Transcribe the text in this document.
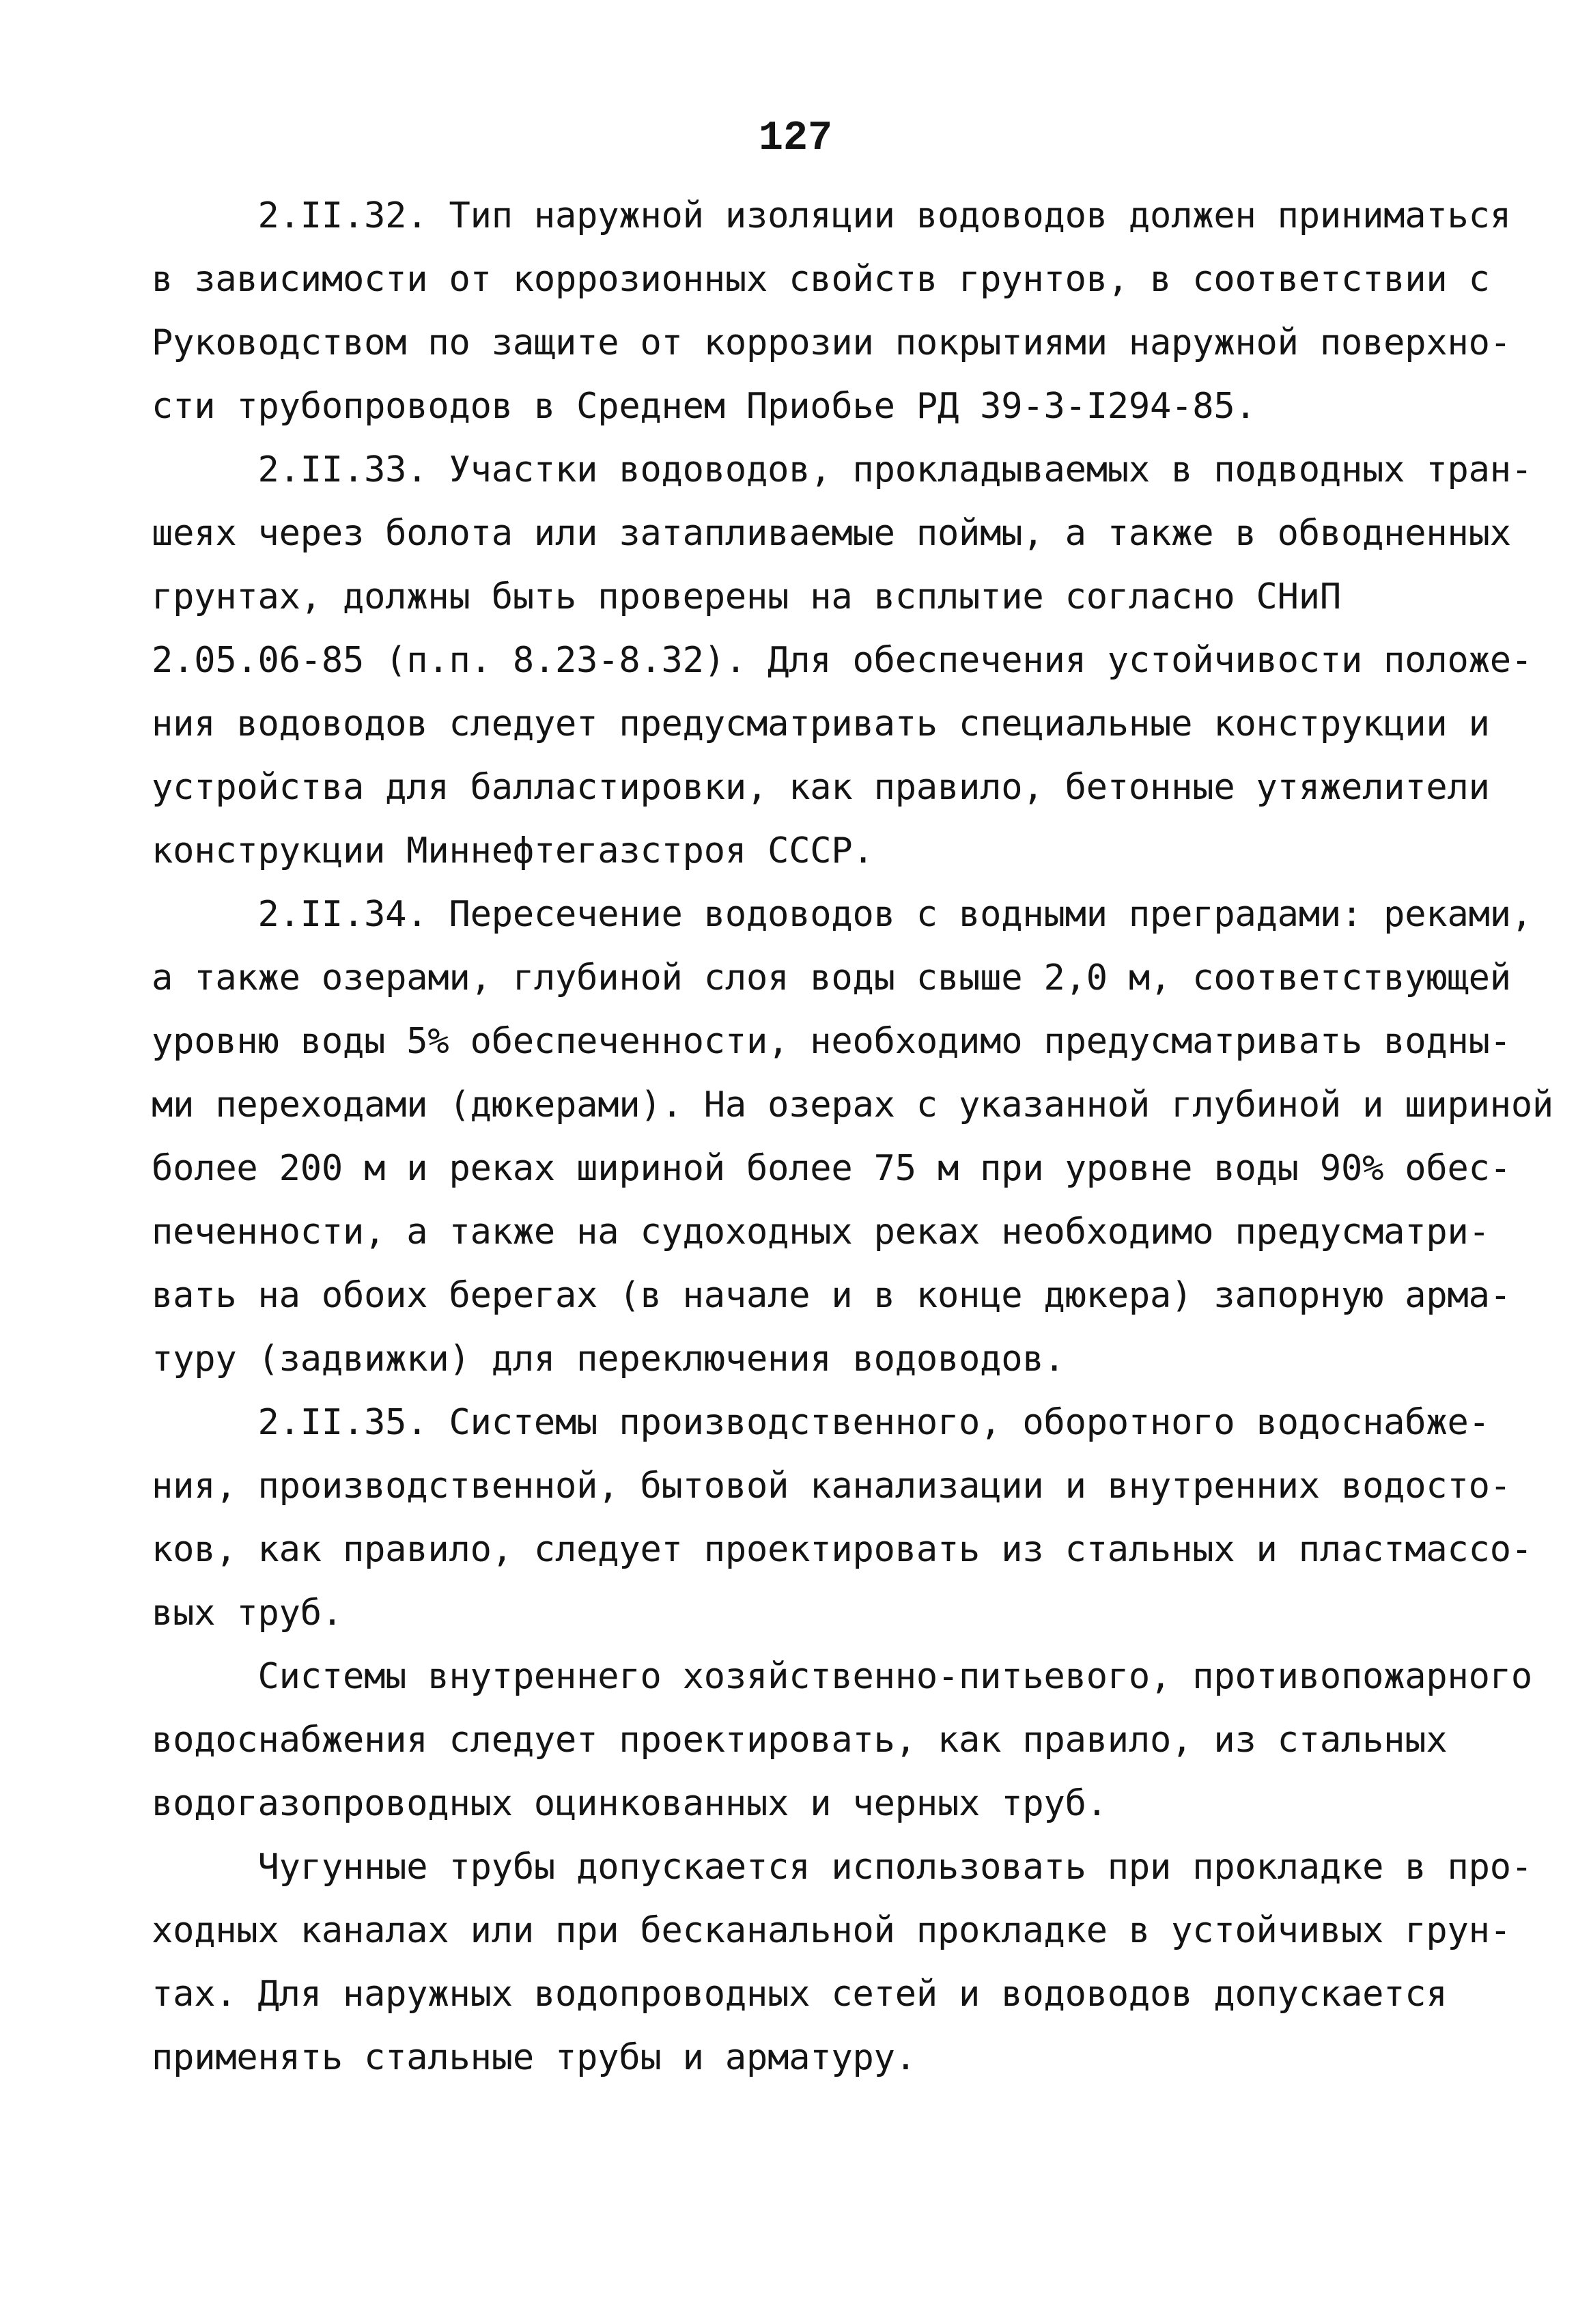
127
2.II.32. Тип наружной изоляции водоводов должен приниматься
в зависимости от коррозионных свойств грунтов, в соответствии с
Руководством по защите от коррозии покрытиями наружной поверхно-
сти трубопроводов в Среднем Приобье РД 39-3-I294-85.
2.II.33. Участки водоводов, прокладываемых в подводных тран-
шеях через болота или затапливаемые поймы, а также в обводненных
грунтах, должны быть проверены на всплытие согласно СНиП
2.05.06-85 (п.п. 8.23-8.32). Для обеспечения устойчивости положе-
ния водоводов следует предусматривать специальные конструкции и
устройства для балластировки, как правило, бетонные утяжелители
конструкции Миннефтегазстроя СССР.
2.II.34. Пересечение водоводов с водными преградами: реками,
а также озерами, глубиной слоя воды свыше 2,0 м, соответствующей
уровню воды 5% обеспеченности, необходимо предусматривать водны-
ми переходами (дюкерами). На озерах с указанной глубиной и шириной
более 200 м и реках шириной более 75 м при уровне воды 90% обес-
печенности, а также на судоходных реках необходимо предусматри-
вать на обоих берегах (в начале и в конце дюкера) запорную арма-
туру (задвижки) для переключения водоводов.
2.II.35. Системы производственного, оборотного водоснабже-
ния, производственной, бытовой канализации и внутренних водосто-
ков, как правило, следует проектировать из стальных и пластмассо-
вых труб.
Системы внутреннего хозяйственно-питьевого, противопожарного
водоснабжения следует проектировать, как правило, из стальных
водогазопроводных оцинкованных и черных труб.
Чугунные трубы допускается использовать при прокладке в про-
ходных каналах или при бесканальной прокладке в устойчивых грун-
тах. Для наружных водопроводных сетей и водоводов допускается
применять стальные трубы и арматуру.
